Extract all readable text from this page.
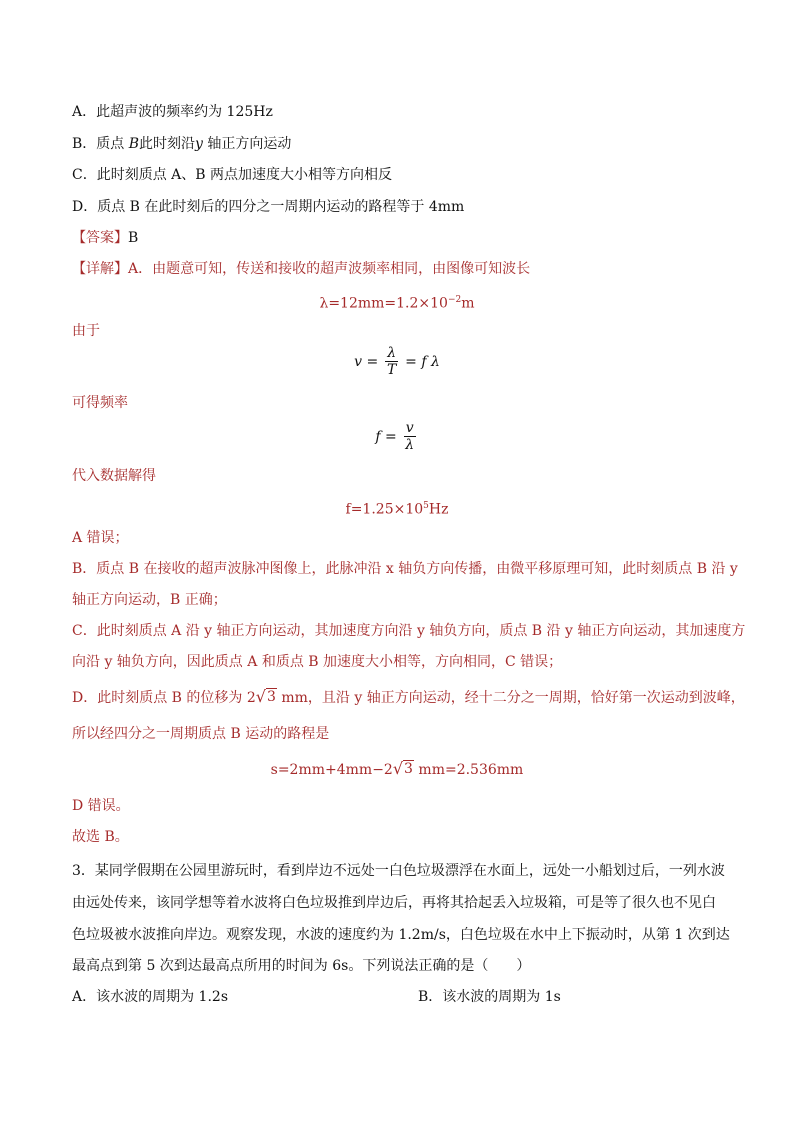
A．此超声波的频率约为 125Hz
B．质点 B此时刻沿y 轴正方向运动
C．此时刻质点 A、B 两点加速度大小相等方向相反
D．质点 B 在此时刻后的四分之一周期内运动的路程等于 4mm
【答案】B
【详解】A．由题意可知，传送和接收的超声波频率相同，由图像可知波长
$\lambda=12mm=1.2\times 10^{-2}m$
由于
$v = \frac{\lambda}{T} = f$ λ
可得频率
$f = \frac{v}{\lambda}$
代入数据解得
$f=1.25\times 10^5Hz$
A 错误；
B．质点 B 在接收的超声波脉冲图像上，此脉冲沿 x 轴负方向传播，由微平移原理可知，此时刻质点 B 沿 y
轴正方向运动，B 正确；
C．此时刻质点 A 沿 y 轴正方向运动，其加速度方向沿 y 轴负方向，质点 B 沿 y 轴正方向运动，其加速度方
向沿 y 轴负方向，因此质点 A 和质点 B 加速度大小相等，方向相同，C 错误；
D．此时刻质点 B 的位移为 2 √ 3 mm，且沿 y 轴正方向运动，经十二分之一周期，恰好第一次运动到波峰，
所以经四分之一周期质点 B 运动的路程是
s=2mm+4mm−2 √ 3 mm=2.536mm
D 错误。
故选 B。
3．某同学假期在公园里游玩时，看到岸边不远处一白色垃圾漂浮在水面上，远处一小船划过后，一列水波
由远处传来，该同学想等着水波将白色垃圾推到岸边后，再将其拾起丢入垃圾箱，可是等了很久也不见白
色垃圾被水波推向岸边。观察发现，水波的速度约为 1.2m/s，白色垃圾在水中上下振动时，从第 1 次到达
最高点到第 5 次到达最高点所用的时间为 6s。下列说法正确的是（　　）
A．该水波的周期为 1.2s	B．该水波的周期为 1s
